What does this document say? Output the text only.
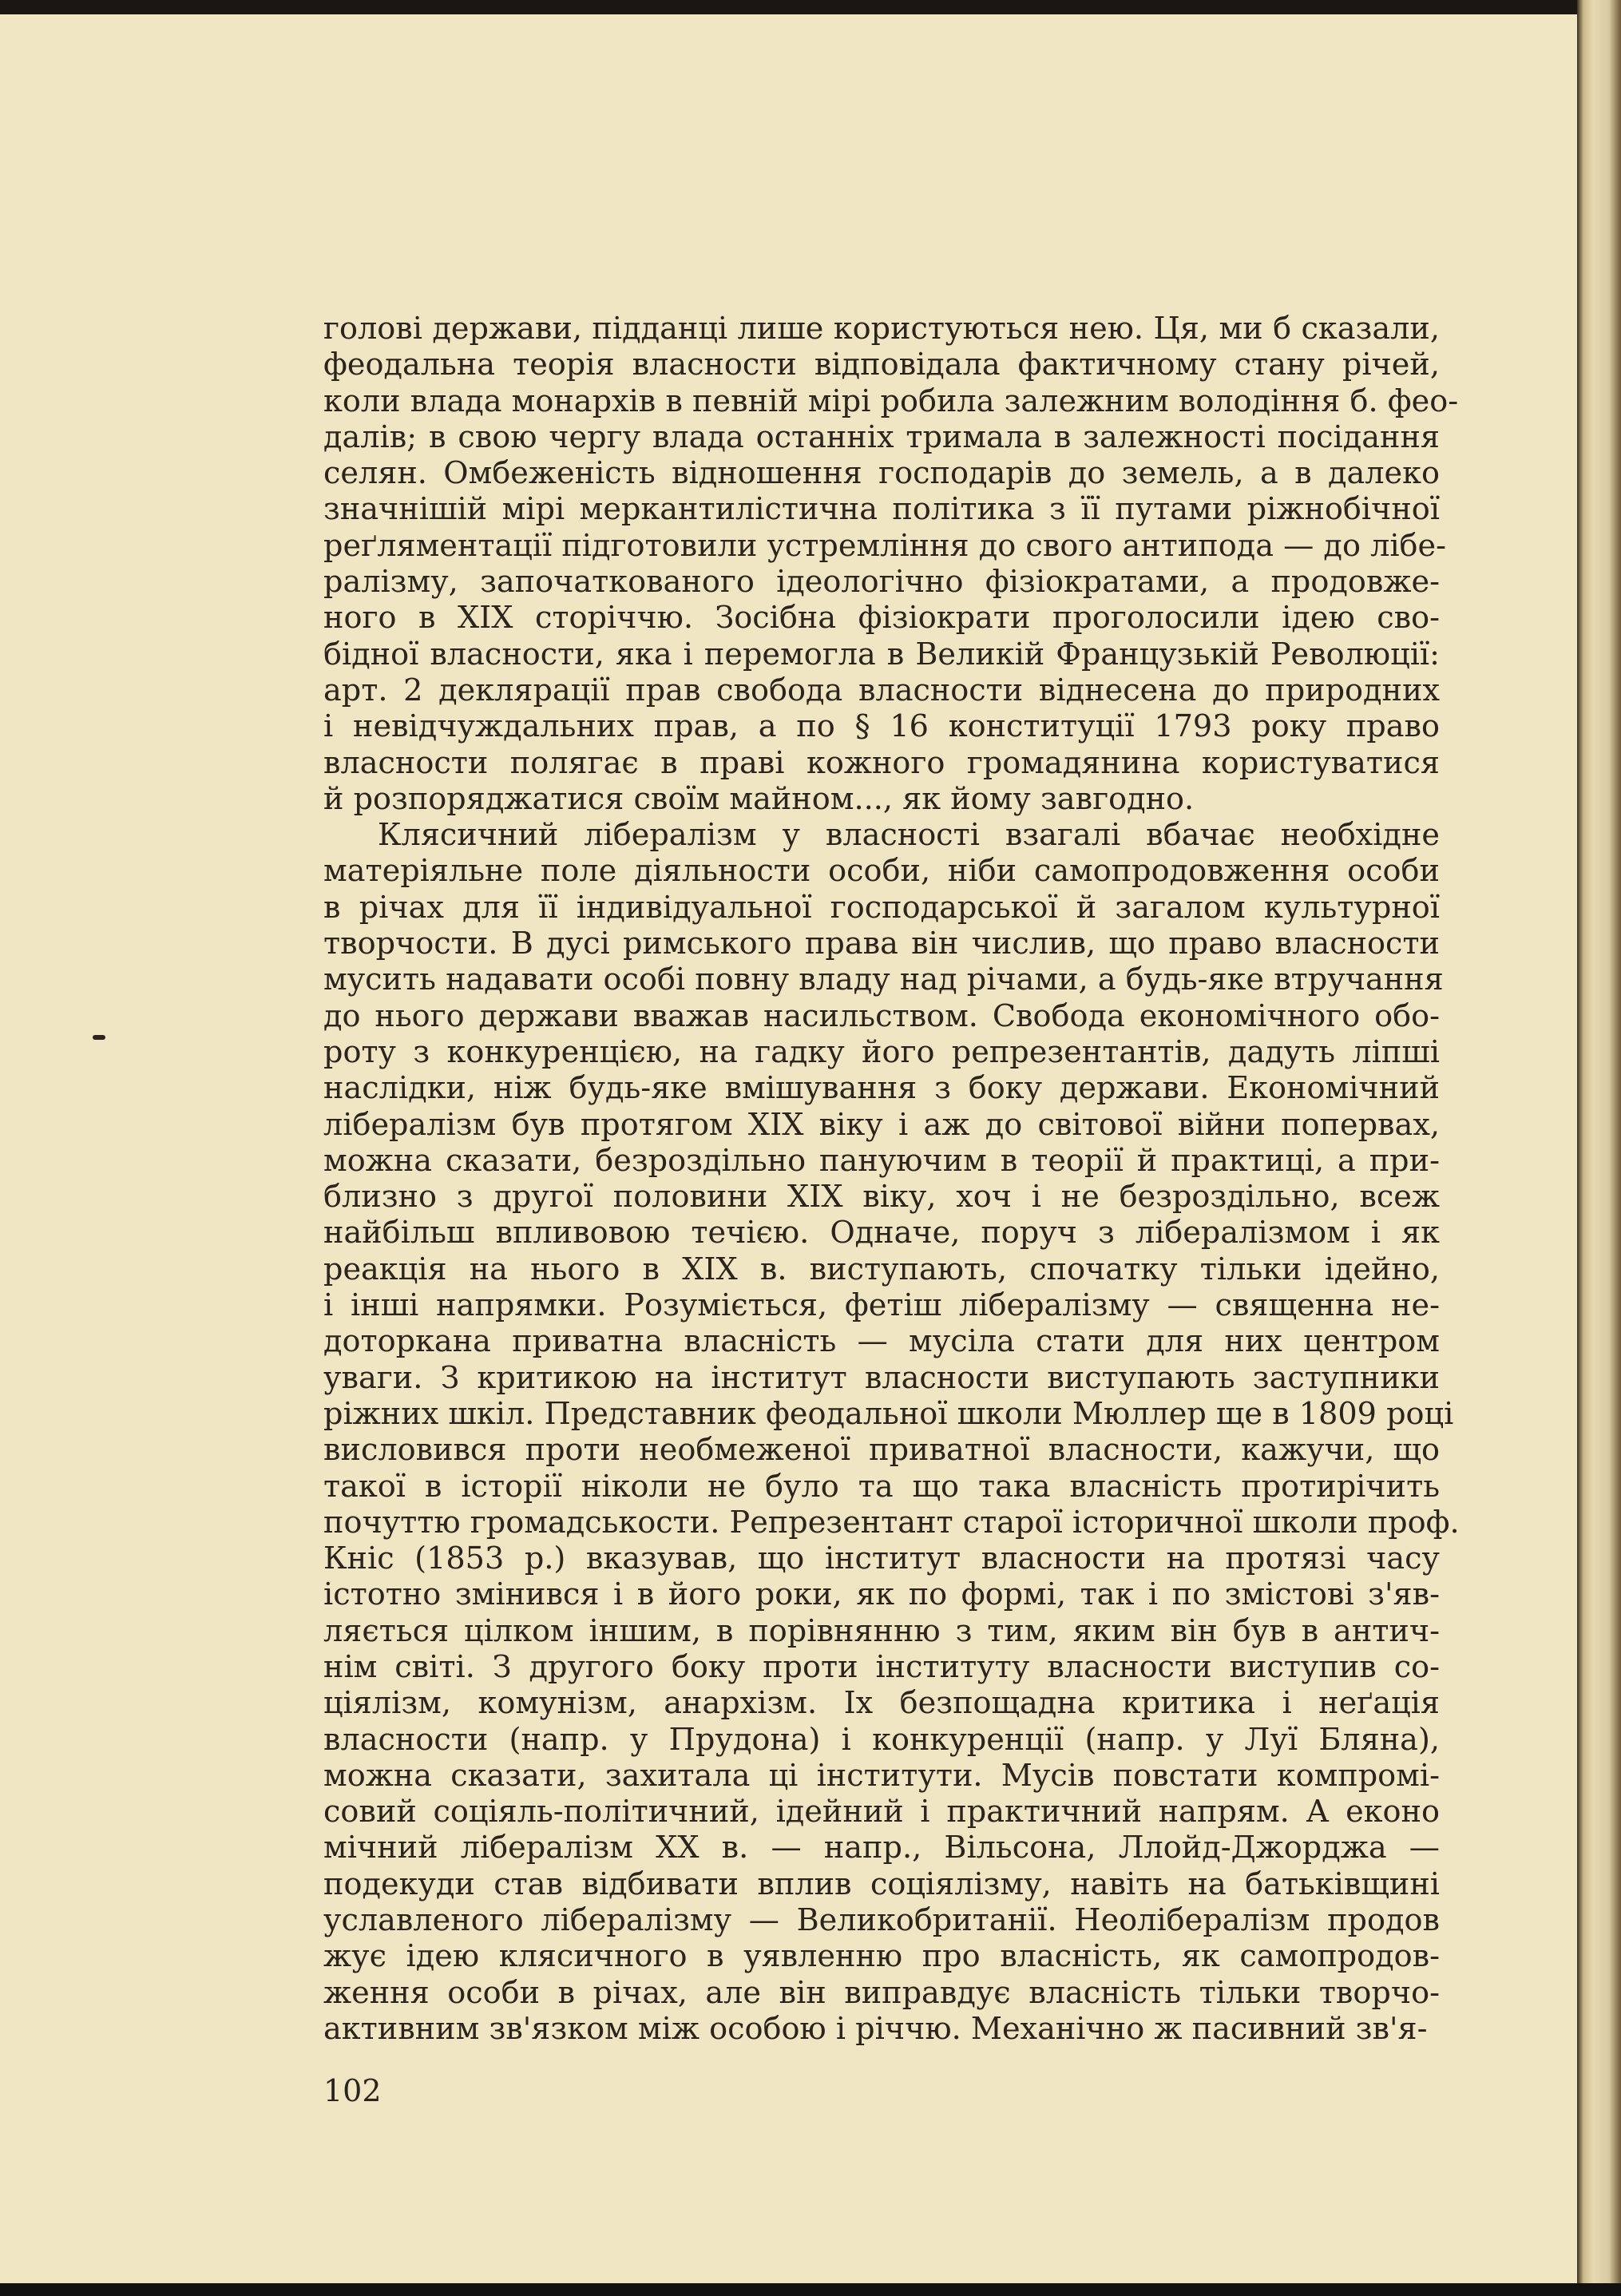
голові держави, підданці лише користуються нею. Ця, ми б сказали,
феодальна теорія власности відповідала фактичному стану річей,
коли влада монархів в певній мірі робила залежним володіння б. фео-
далів; в свою чергу влада останніх тримала в залежності посідання
селян. Омбеженість відношення господарів до земель, а в далеко
значнішій мірі меркантилістична політика з її путами ріжнобічної
реґляментації підготовили устремління до свого антипода — до лібе-
ралізму, започаткованого ідеологічно фізіократами, а продовже-
ного в XIX сторіччю. Зосібна фізіократи проголосили ідею сво-
бідної власности, яка і перемогла в Великій Французькій Революції:
арт. 2 деклярації прав свобода власности віднесена до природних
і невідчуждальних прав, а по § 16 конституції 1793 року право
власности полягає в праві кожного громадянина користуватися
й розпоряджатися своїм майном..., як йому завгодно.
Клясичний лібералізм у власності взагалі вбачає необхідне
матеріяльне поле діяльности особи, ніби самопродовження особи
в річах для її індивідуальної господарської й загалом культурної
творчости. В дусі римського права він числив, що право власности
мусить надавати особі повну владу над річами, а будь-яке втручання
до нього держави вважав насильством. Свобода економічного обо-
роту з конкуренцією, на гадку його репрезентантів, дадуть ліпші
наслідки, ніж будь-яке вмішування з боку держави. Економічний
лібералізм був протягом XIX віку і аж до світової війни поперваx,
можна сказати, безроздільно пануючим в теорії й практиці, а при-
близно з другої половини XIX віку, хоч і не безроздільно, всеж
найбільш впливовою течією. Одначе, поруч з лібералізмом і як
реакція на нього в XIX в. виступають, спочатку тільки ідейно,
і інші напрямки. Розуміється, фетіш лібералізму — священна не-
доторкана приватна власність — мусіла стати для них центром
уваги. З критикою на інститут власности виступають заступники
ріжних шкіл. Представник феодальної школи Мюллер ще в 1809 році
висловився проти необмеженої приватної власности, кажучи, що
такої в історії ніколи не було та що така власність протирічить
почуттю громадськости. Репрезентант старої історичної школи проф.
Кніс (1853 р.) вказував, що інститут власности на протязі часу
істотно змінився і в його роки, як по формі, так і по змістові з'яв-
ляється цілком іншим, в порівнянню з тим, яким він був в антич-
нім світі. З другого боку проти інституту власности виступив со-
ціялізм, комунізм, анархізм. Іх безпощадна критика і неґація
власности (напр. у Прудона) і конкуренції (напр. у Луї Бляна),
можна сказати, захитала ці інститути. Мусів повстати компромі-
совий соціяль-політичний, ідейний і практичний напрям. А еконо
мічний лібералізм XX в. — напр., Вільсона, Ллойд-Джорджа —
подекуди став відбивати вплив соціялізму, навіть на батьківщині
уславленого лібералізму — Великобританії. Неолібералізм продов
жує ідею клясичного в уявленню про власність, як самопродов-
ження особи в річах, але він виправдує власність тільки творчо-
активним зв'язком між особою і річчю. Механічно ж пасивний зв'я-
102
